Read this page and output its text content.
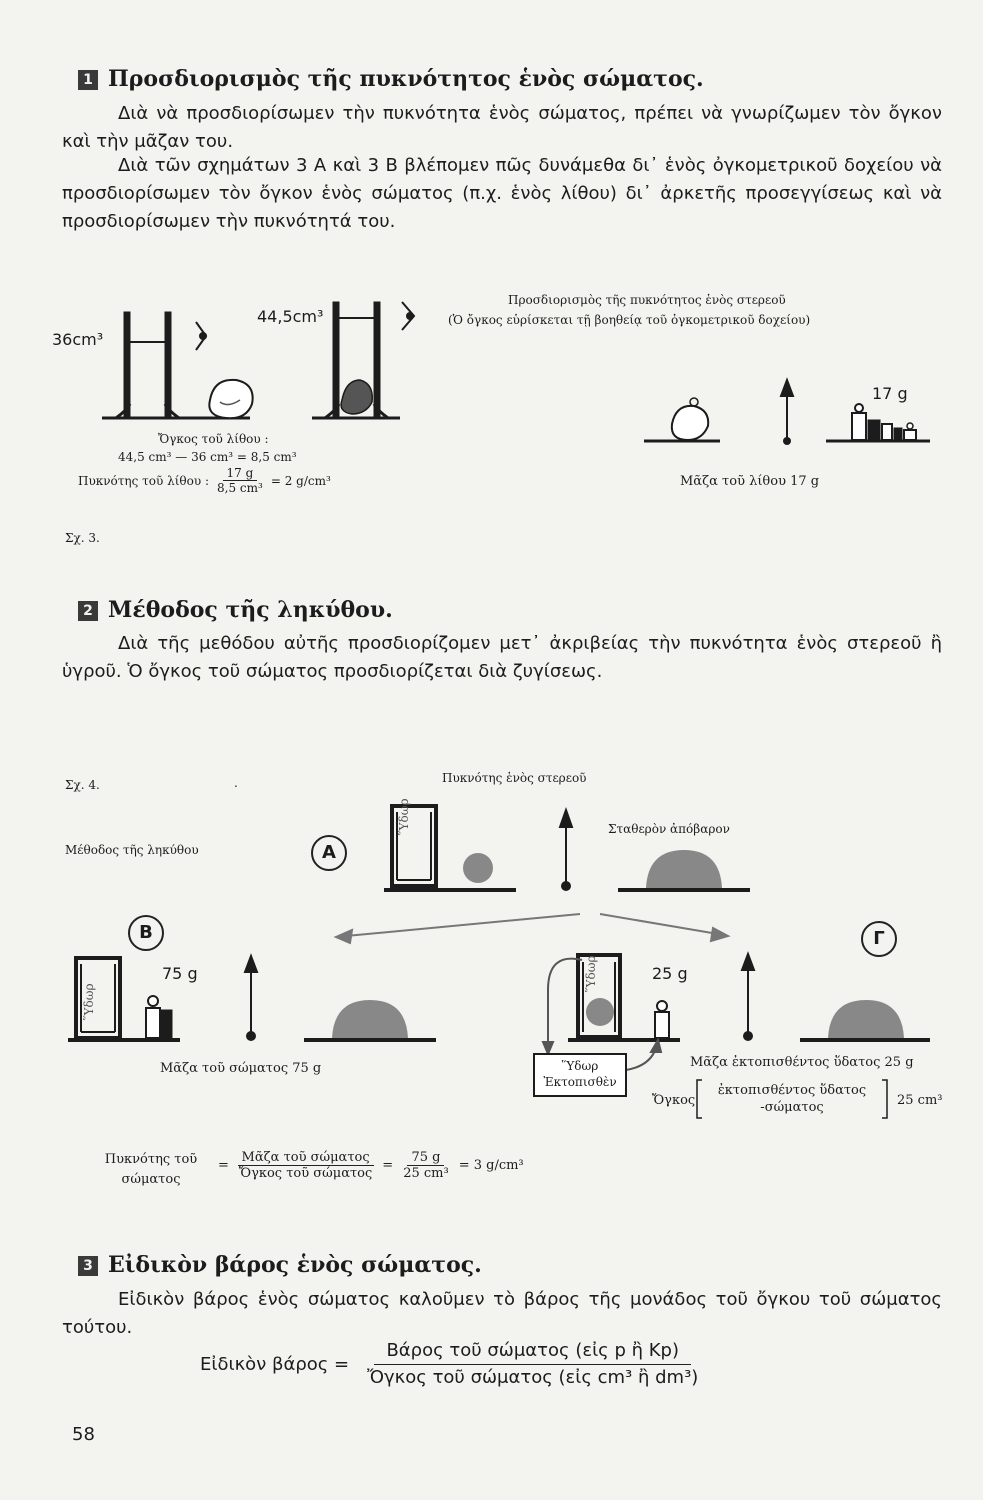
1 Προσδιορισμὸς τῆς πυκνότητος ἑνὸς σώματος.
Διὰ νὰ προσδιορίσωμεν τὴν πυκνότητα ἑνὸς σώματος, πρέπει νὰ γνωρίζωμεν τὸν ὄγκον καὶ τὴν μᾶζαν του.
Διὰ τῶν σχημάτων 3 Α καὶ 3 Β βλέπομεν πῶς δυνάμεθα δι᾽ ἑνὸς ὀγκομετρικοῦ δοχείου νὰ προσδιορίσωμεν τὸν ὄγκον ἑνὸς σώματος (π.χ. ἑνὸς λίθου) δι᾽ ἀρκετῆς προσεγγίσεως καὶ νὰ προσδιορίσωμεν τὴν πυκνότητά του.
36cm³
44,5cm³
Προσδιορισμὸς τῆς πυκνότητος ἑνὸς στερεοῦ
(Ὁ ὄγκος εὑρίσκεται τῇ βοηθείᾳ τοῦ ὀγκομετρικοῦ δοχείου)
17 g
Ὄγκος τοῦ λίθου :
44,5 cm³ — 36 cm³ = 8,5 cm³
Πυκνότης τοῦ λίθου : $\frac{17 g}{\text{8,5 cm³}} = 2$ g/cm³	Μᾶζα τοῦ λίθου 17 g
Σχ. 3.
2 Μέθοδος τῆς ληκύθου.
Διὰ τῆς μεθόδου αὐτῆς προσδιορίζομεν μετ᾽ ἀκριβείας τὴν πυκνότητα ἑνὸς στερεοῦ ἢ ὑγροῦ. Ὁ ὄγκος τοῦ σώματος προσδιορίζεται διὰ ζυγίσεως.
Σχ. 4.	.	Πυκνότης ἑνὸς στερεοῦ
Μέθοδος τῆς ληκύθου
Σταθερὸν ἀπόβαρον
A
B	Γ
Ὕδωρ
Ὕδωρ
Ὕδωρ
75 g	25 g
Μᾶζα τοῦ σώματος 75 g	Ὕδωρ
Ἐκτοπισθὲν
Μᾶζα ἐκτοπισθέντος ὕδατος 25 g
Ὄγκος
ἐκτοπισθέντος ὕδατος
-σώματος	25 cm³
Πυκνότης τοῦ
σώματος
= $\frac{\text{Μᾶζα τοῦ σώματος}}{\text{Ὄγκος τοῦ σώματος}} = \frac{75 g}{\text{25 cm³}} = 3$ g/cm³
3 Εἰδικὸν βάρος ἑνὸς σώματος.
Εἰδικὸν βάρος ἑνὸς σώματος καλοῦμεν τὸ βάρος τῆς μονάδος τοῦ ὄγκου τοῦ σώματος τούτου.
Εἰδικὸν $\beta ά\rho o\varsigma = \frac{\text{Βάρος τοῦ σώματος (εἰς p ἢ Kp)}}{\text{Ὄγκος τοῦ σώματος (εἰς cm³ ἢ dm³)}}$
58
